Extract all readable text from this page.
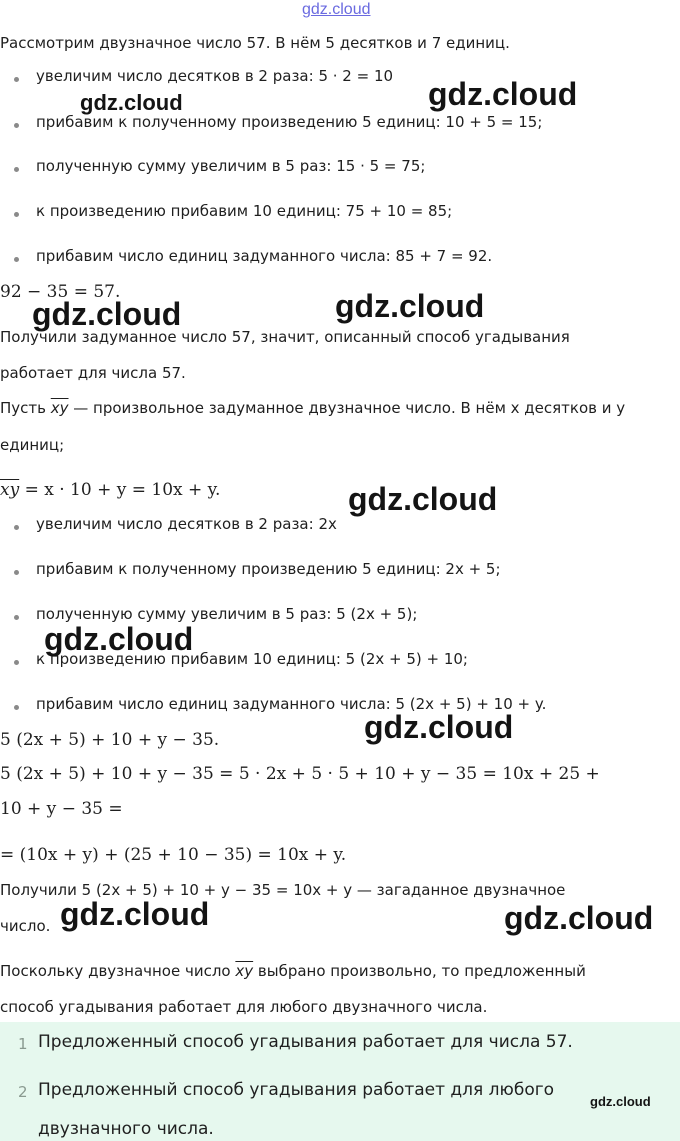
gdz.cloud
Рассмотрим двузначное число 57. В нём 5 десятков и 7 единиц.
увеличим число десятков в 2 раза: 5 · 2 = 10
прибавим к полученному произведению 5 единиц: 10 + 5 = 15;
полученную сумму увеличим в 5 раз: 15 · 5 = 75;
к произведению прибавим 10 единиц: 75 + 10 = 85;
прибавим число единиц задуманного числа: 85 + 7 = 92.
92 − 35 = 57.
Получили задуманное число 57, значит, описанный способ угадывания
работает для числа 57.
Пусть $\overline{xy}$ — произвольное задуманное двузначное число. В нём x десятков и y
единиц;
$\overline{xy} = x \cdot 10 + y = 10x + y$.
увеличим число десятков в 2 раза: 2x
прибавим к полученному произведению 5 единиц: 2x + 5;
полученную сумму увеличим в 5 раз: 5 (2x + 5);
к произведению прибавим 10 единиц: 5 (2x + 5) + 10;
прибавим число единиц задуманного числа: 5 (2x + 5) + 10 + y.
5 (2x + 5) + 10 + y − 35.
5 (2x + 5) + 10 + y − 35 = 5 · 2x + 5 · 5 + 10 + y − 35 = 10x + 25 +
10 + y − 35 =
= (10x + y) + (25 + 10 − 35) = 10x + y.
Получили 5 (2x + 5) + 10 + y − 35 = 10x + y — загаданное двузначное
число.
Поскольку двузначное число $\overline{xy}$ выбрано произвольно, то предложенный
способ угадывания работает для любого двузначного числа.
1 Предложенный способ угадывания работает для числа 57.
2 Предложенный способ угадывания работает для любого
двузначного числа.
gdz.cloud	gdz.cloud
gdz.cloud
gdz.cloud
gdz.cloud
gdz.cloud
gdz.cloud
gdz.cloud	gdz.cloud
gdz.cloud
